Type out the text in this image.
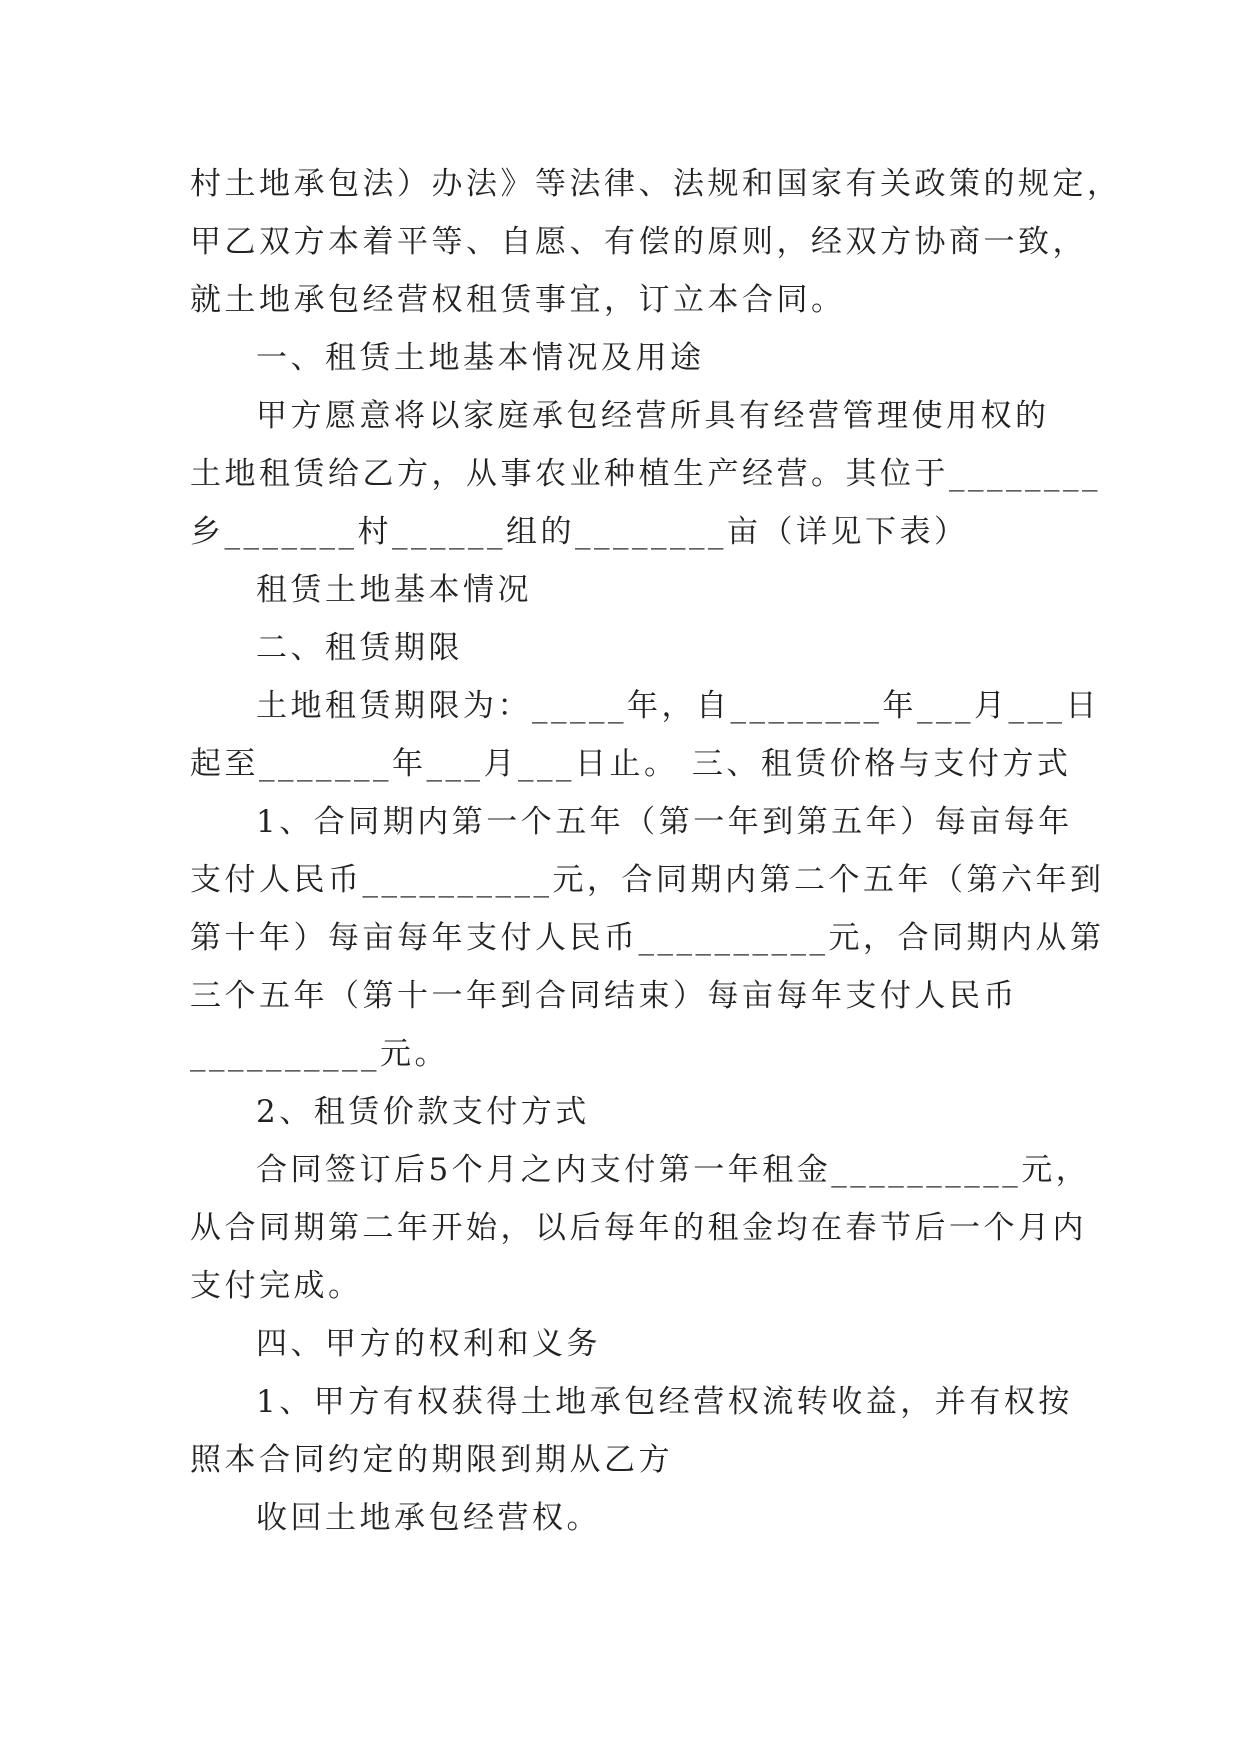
村土地承包法）办法》等法律、法规和国家有关政策的规定，
甲乙双方本着平等、自愿、有偿的原则，经双方协商一致，
就土地承包经营权租赁事宜，订立本合同。
一、租赁土地基本情况及用途
甲方愿意将以家庭承包经营所具有经营管理使用权的
土地租赁给乙方，从事农业种植生产经营。其位于________
乡_______村______组的________亩（详见下表）
租赁土地基本情况
二、租赁期限
土地租赁期限为：_____年，自________年___月___日
起至_______年___月___日止。 三、租赁价格与支付方式
1、合同期内第一个五年（第一年到第五年）每亩每年
支付人民币__________元，合同期内第二个五年（第六年到
第十年）每亩每年支付人民币__________元，合同期内从第
三个五年（第十一年到合同结束）每亩每年支付人民币
__________元。
2、租赁价款支付方式
合同签订后5个月之内支付第一年租金__________元，
从合同期第二年开始，以后每年的租金均在春节后一个月内
支付完成。
四、甲方的权利和义务
1、甲方有权获得土地承包经营权流转收益，并有权按
照本合同约定的期限到期从乙方
收回土地承包经营权。
